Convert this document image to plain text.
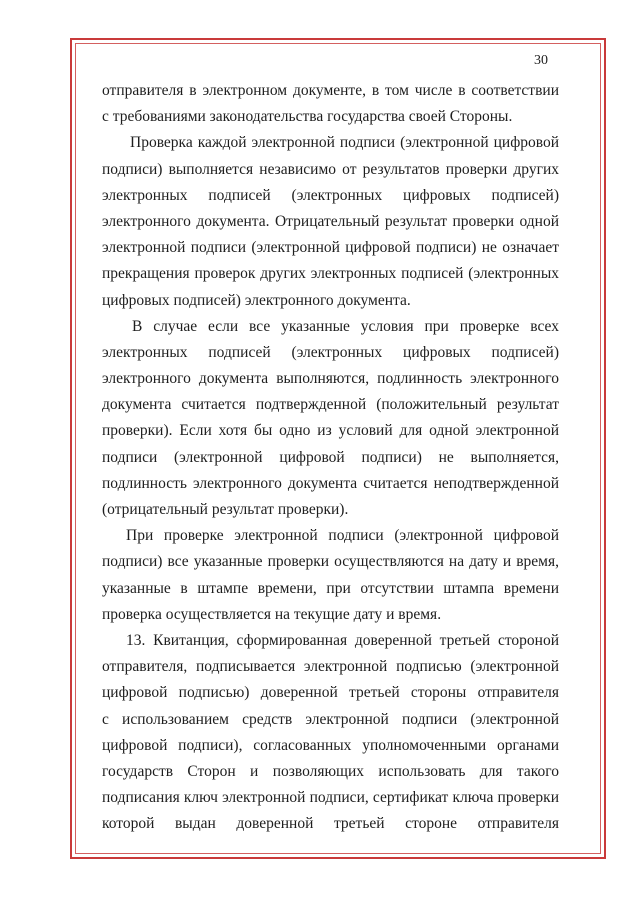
30
отправителя в электронном документе, в том числе в соответствии
с требованиями законодательства государства своей Стороны.
Проверка каждой электронной подписи (электронной цифровой
подписи) выполняется независимо от результатов проверки других
электронных подписей (электронных цифровых подписей)
электронного документа. Отрицательный результат проверки одной
электронной подписи (электронной цифровой подписи) не означает
прекращения проверок других электронных подписей (электронных
цифровых подписей) электронного документа.
В случае если все указанные условия при проверке всех
электронных подписей (электронных цифровых подписей)
электронного документа выполняются, подлинность электронного
документа считается подтвержденной (положительный результат
проверки). Если хотя бы одно из условий для одной электронной
подписи (электронной цифровой подписи) не выполняется,
подлинность электронного документа считается неподтвержденной
(отрицательный результат проверки).
При проверке электронной подписи (электронной цифровой
подписи) все указанные проверки осуществляются на дату и время,
указанные в штампе времени, при отсутствии штампа времени
проверка осуществляется на текущие дату и время.
13. Квитанция, сформированная доверенной третьей стороной
отправителя, подписывается электронной подписью (электронной
цифровой подписью) доверенной третьей стороны отправителя
с использованием средств электронной подписи (электронной
цифровой подписи), согласованных уполномоченными органами
государств Сторон и позволяющих использовать для такого
подписания ключ электронной подписи, сертификат ключа проверки
которой выдан доверенной третьей стороне отправителя
